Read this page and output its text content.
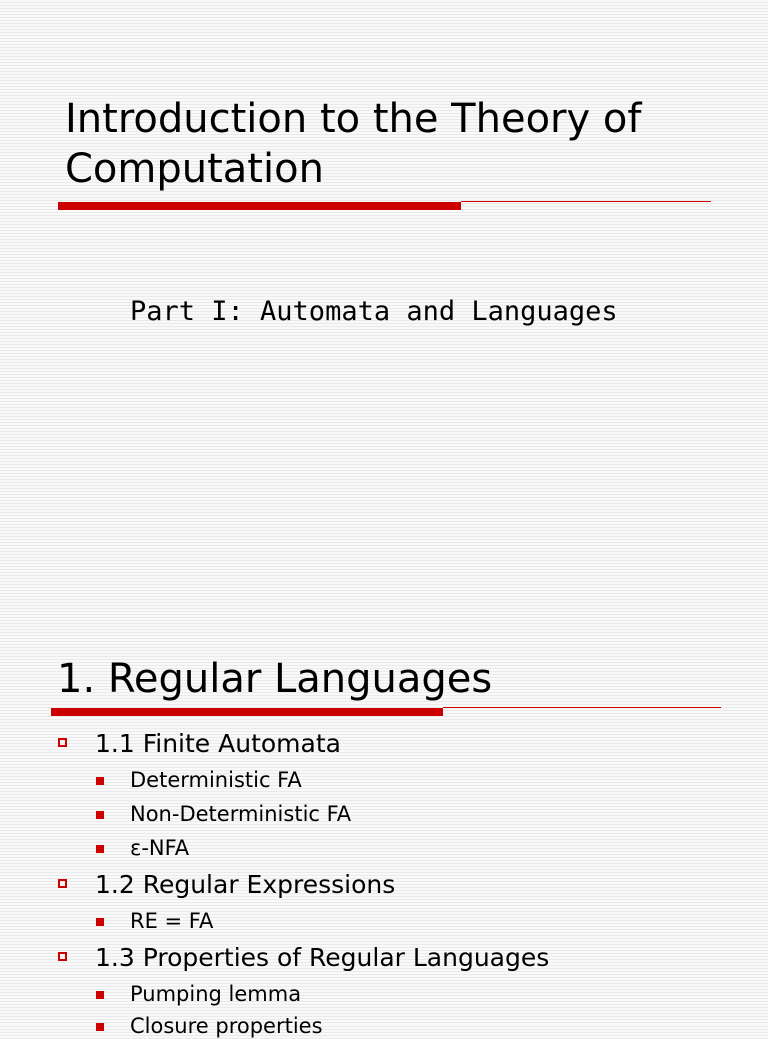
Introduction to the Theory of Computation
Part I: Automata and Languages
1. Regular Languages
1.1 Finite Automata
Deterministic FA
Non-Deterministic FA
ε-NFA
1.2 Regular Expressions
RE = FA
1.3 Properties of Regular Languages
Pumping lemma
Closure properties
